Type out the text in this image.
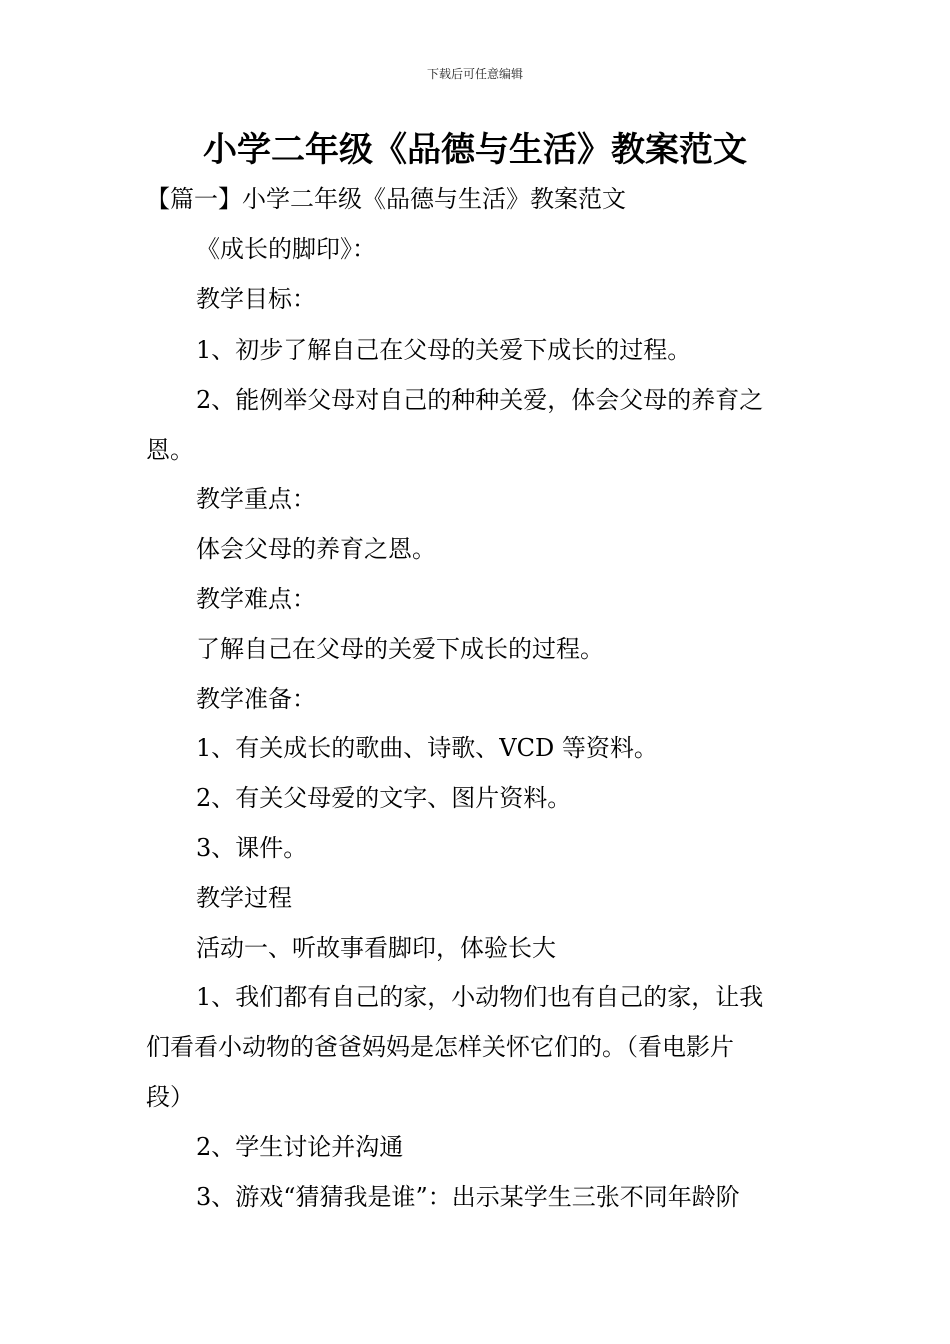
下载后可任意编辑
小学二年级《品德与生活》教案范文
【篇一】小学二年级《品德与生活》教案范文
《成长的脚印》：
教学目标：
1、初步了解自己在父母的关爱下成长的过程。
2、能例举父母对自己的种种关爱，体会父母的养育之
恩。
教学重点：
体会父母的养育之恩。
教学难点：
了解自己在父母的关爱下成长的过程。
教学准备：
1、有关成长的歌曲、诗歌、VCD 等资料。
2、有关父母爱的文字、图片资料。
3、课件。
教学过程
活动一、听故事看脚印，体验长大
1、我们都有自己的家，小动物们也有自己的家，让我
们看看小动物的爸爸妈妈是怎样关怀它们的。（看电影片
段）
2、学生讨论并沟通
3、游戏“猜猜我是谁”：出示某学生三张不同年龄阶
